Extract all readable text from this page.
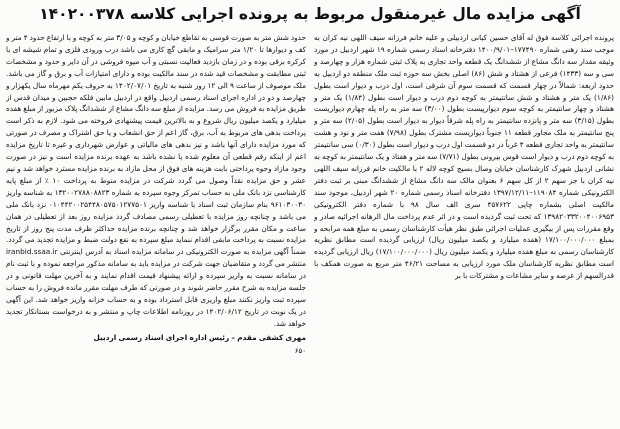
آگهی مزایده مال غیرمنقول مربوط به پرونده اجرایی کلاسه ۱۴۰۲۰۰۳۷۸

پرونده اجرائی کلاسه فوق له آقای حسین کیانی اردبیلی و علیه خانم فرزانه سیف اللهی نیه کران به موجب سند رهنی شماره ۱۷۷۴۹۰–۱۴۰۰/۹/۰۱ دفترخانه اسناد رسمی شماره ۱۹ شهر اردبیل در مورد وثیقه مقدار سه دانگ مشاع از ششدانگ یک قطعه واحد تجاری به پلاک ثبتی شماره هزار و چهارصد و سی و سه (۱۴۳۳) فرعی از هشتاد و شش (۸۶) اصلی بخش سه حوزه ثبت ملک منطقه دو اردبیل به حدود اربعه: شمالاً در چهار قسمت که قسمت سوم آن شرقی است، اول درب و دیوار است بطول (۱/۸۶) یک متر و هشتاد و شش سانتیمتر به کوچه دوم درب و دیوار است بطول (۱/۸۴) یک متر و هشتاد و چهار سانتیمتر به کوچه سوم دیوارپیست بطول (۳/۰۰) سه متر به راه پله چهارم دیواریست بطول (۳/۱۵) سه متر و پانزده سانتیمتر به راه پله شرقاً دیوار به دیوار است بطول (۲/۰۵) سه متر و پنج سانتیمتر به ملک مجاور قطعه ۱۱ جنوباً دیواریست مشترک بطول (۷/۹۸) هفت متر و نود و هشت سانتیمتر به واحد تجاری قطعه ۴ غرباً در دو قسمت اول درب و دیوار است بطول (۰/۳۰) سی سانتیمتر به کوچه دوم درب و دیوار است قوس بیرونی بطول (۷/۷۱) سه متر و هفتاد و یک سانتیمتر به کوچه به نشانی اردبیل شهرک کارشناسان خیابان وصال بسیج کوچه لاله ۲ با مالکیت خانم فرزانه سیف اللهی نیه کران با جز سهم ۲ از کل سهم ۶ بعنوان مالک سه دانگ مشاع از ششدانگ مبنی بر ثبت دفتر الکترونیکی شماره ۱۱۹۰۸۴–۱۳۹۷/۱۲/۱۱ دفترخانه اسناد رسمی شماره ۲۰ شهر اردبیل، موجود سند مالکیت اصلی بشماره چاپی ۴۵۷۶۲۲ سری الف سال ۹۸ با شماره دفتر الکترونیکی ۱۳۹۸۲۰۳۳۲۰۰۴۰۰۶۹۵۳ که تحت ثبت گردیده است و در اثر عدم پرداخت مال الرهانه اجرائیه صادر و وقع مقررات پس از بیگیری عملیات اجرائی طبق نظر هیأت کارشناسان رسمی به مبلغ همه مرابحه و بمبلغ ۱۷/۱۰۰/۰۰۰/۰۰۰ (هفده میلیارد و یکصد میلیون ریال) ارزیابی گردیده است مطابق نظریه کارشناسان رسمی به مبلغ هفده میلیارد و یکصد میلیون ریال (۱۷/۱۰۰/۰۰۰/۰۰۰) ریال ارزیابی گردیده است مطابق نظریه کارشناسان ملک مورد ارزیابی به مساحت ۴۶/۲۱ متر مربع به صورت همکف با قدرالسهم از عرصه و سایر مشاعات و مشترکات با بر

حدود شش متر به صورت قوسی به تقاطع خیابان و کوچه و ۳/۰۵ متر به کوچه و با ارتفاع حدود ۴ متر و کف و دیوارها تا ۱/۲۰ متر سرامیک و مابقی گچ کاری می باشد درب ورودی فلزی و تمام شیشه ای با کرکره برقی بوده و در زمان بازدید فعالیت نسبتی و آب میوه فروشی در آن دایر و حدود و مشخصات ثبتی مطابقت و مشخصات قید شده در سند مالکیت بوده و دارای امتیازات آب و برق و گاز می باشد. ملک موصوف از ساعت ۹ الی ۱۲ روز شنبه به تاریخ ۱۴۰۲/۰۷/۰۱ به حروف یکم مهرماه سال یکهزار و چهارصد و دو در اداره اجرای اسناد رسمی اردبیل واقع در اردبیل مابین فلکه حجبین و میدان قدس از طریق مزایده به فروش می رسد. مزایده از مبلغ سه دانگ مشاع از ششدانگ پلاک مزبور از مبلغ هفده میلیارد و یکصد میلیون ریال شروع و به بالاترین قیمت پیشنهادی فروخته می شود. لازم به ذکر است پرداخت بدهی های مربوط به آب، برق، گاز اعم از حق انشعاب و یا حق اشتراک و مصرف در صورتی که مورد مزایده دارای آنها باشد و نیز بدهی های مالیاتی و عوارض شهرداری و غیره تا تاریخ مزایده اعم از اینکه رقم قطعی آن معلوم شده یا نشده باشد به عهده برنده مزایده است و نیز در صورت وجود مازاد وجوه پرداختی بابت هزینه های فوق از محل مازاد به برنده مزایده مسترد خواهد شد و نیم عشر و حق مزایده نقداً وصول می گردد شرکت در مزایده منوط به پرداخت ۱۰ ٪ از مبلغ پایه کارشناسی نزد بانک ملی به حساب تمرکز وجوه سپرده به شماره ۱۳۲۰۰۲۷۸۸۰۸۸۲۳ به شناسه واریز ۹۶۱۰۳۰۰۳۰ بنام سازمان ثبت اسناد با شناسه واریز ۰۱۰۴۴۲۰۰۲۵۴۴۸۰۵۷۵۰۱۲۷۷۵۰۱ نزد بانک ملی می باشد و چنانچه روز مزایده با تعطیلی رسمی مصادف گردد مزایده روز بعد از تعطیلی در همان ساعت و مکان مقرر برگزار خواهد شد و چنانچه برنده مزایده حداکثر ظرف مدت پنج روز از تاریخ مزایده نسبت به پرداخت مابقی اقدام ننماید مبلغ سپرده به نفع دولت ضبط و مزایده تجدید می گردد. ضمناً آگهی مزایده به صورت الکترونیکی در سامانه مزایده اسناد به آدرس اینترنتی iranbid.ssaa.ir منتشر می گردد و متقاضیان جهت شرکت در مزایده باید به سامانه مذکور مراجعه نموده و با ثبت نام در سامانه نسبت به واریز سپرده و ارائه پیشنهاد قیمت اقدام نمایند و به آخرین مهلت قانونی و در جلسه مزایده به شرح مقرر حاضر شوند و در صورتی که طرف مهلت مقرر مانده فروش را به حساب سپرده ثبت واریز نکنند مبلغ واریزی قابل استرداد بوده و به حساب خزانه واریز خواهد شد. این آگهی در یک نوبت در تاریخ ۱۴۰۲/۰۶/۱۲ در روزنامه اطلاعات چاپ و منتشر و به درخواست بستانکار تجدید خواهد شد.

مهری کشفی مقدم – رئیس اداره اجرای اسناد رسمی اردبیل
۶۵۰
